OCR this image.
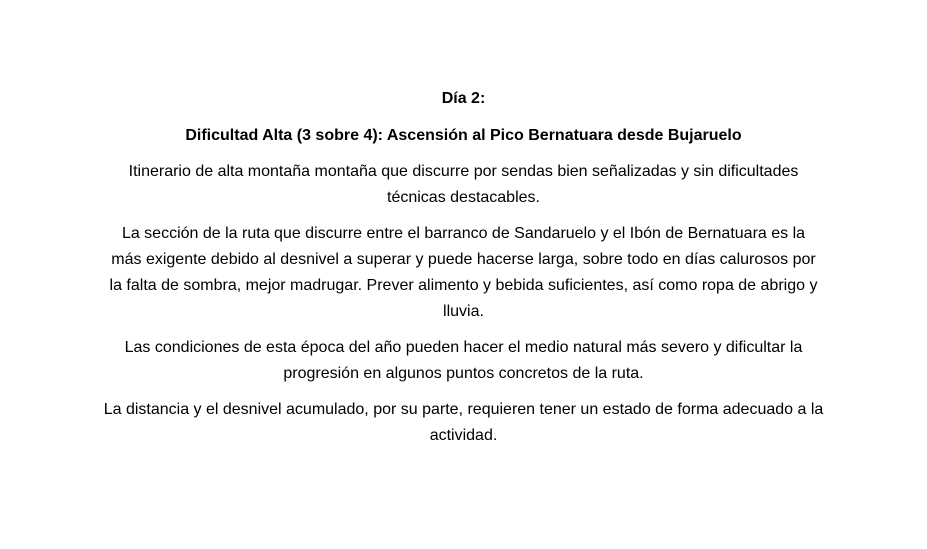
Día 2:
Dificultad Alta (3 sobre 4): Ascensión al Pico Bernatuara desde Bujaruelo

Itinerario de alta montaña montaña que discurre por sendas bien señalizadas y sin dificultades técnicas destacables.

La sección de la ruta que discurre entre el barranco de Sandaruelo y el Ibón de Bernatuara es la más exigente debido al desnivel a superar y puede hacerse larga, sobre todo en días calurosos por la falta de sombra, mejor madrugar. Prever alimento y bebida suficientes, así como ropa de abrigo y lluvia.

Las condiciones de esta época del año pueden hacer el medio natural más severo y dificultar la progresión en algunos puntos concretos de la ruta.

La distancia y el desnivel acumulado, por su parte, requieren tener un estado de forma adecuado a la actividad.
